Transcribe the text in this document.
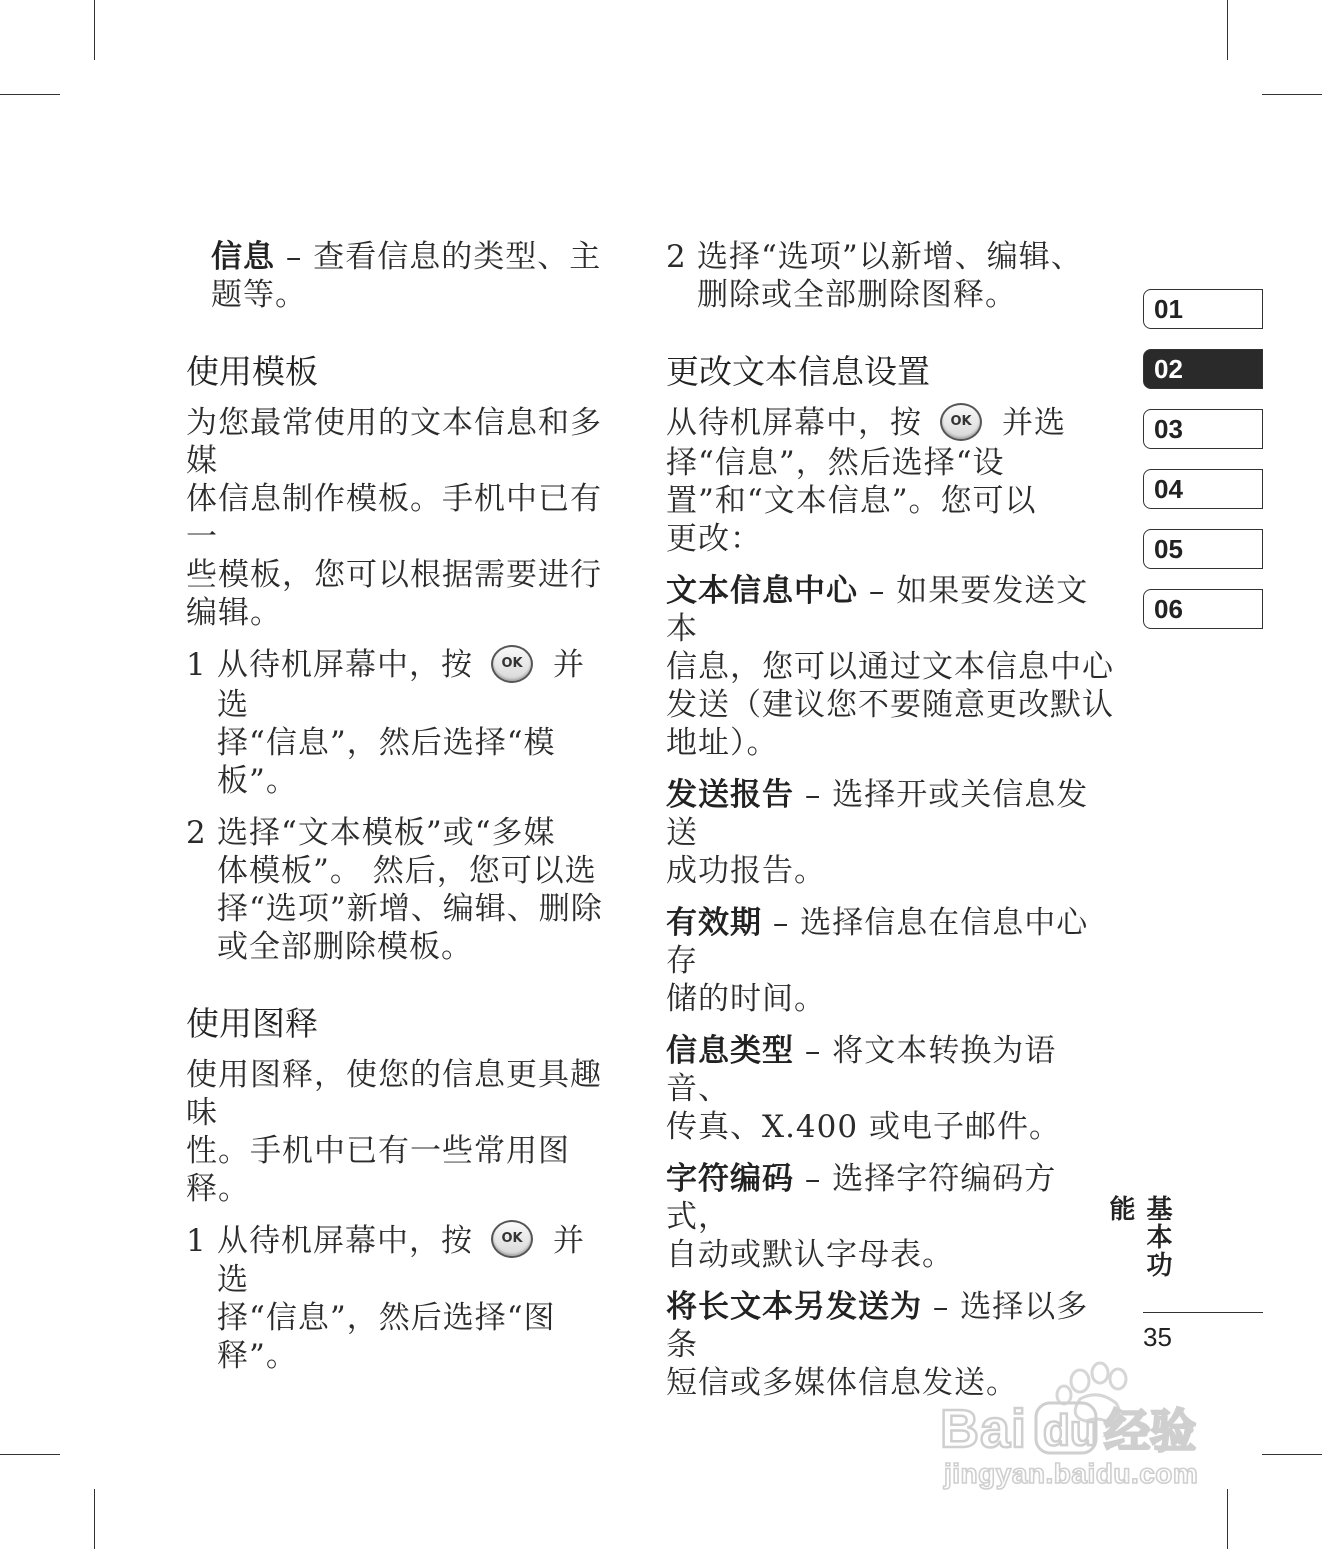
信息 – 查看信息的类型、主
题等。

使用模板

为您最常使用的文本信息和多媒
体信息制作模板。手机中已有一
些模板，您可以根据需要进行
编辑。

1 从待机屏幕中，按 OK 并选
择“信息”，然后选择“模
板”。
2 选择“文本模板”或“多媒
体模板”。 然后，您可以选
择“选项”新增、编辑、删除
或全部删除模板。
使用图释

使用图释，使您的信息更具趣味
性。手机中已有一些常用图释。

1 从待机屏幕中，按 OK 并选
择“信息”，然后选择“图
释”。
2 选择“选项”以新增、编辑、
删除或全部删除图释。
更改文本信息设置
从待机屏幕中，按 OK 并选
择“信息”，然后选择“设
置”和“文本信息”。您可以
更改：

文本信息中心 – 如果要发送文本
信息，您可以通过文本信息中心
发送（建议您不要随意更改默认
地址）。

发送报告 – 选择开或关信息发送
成功报告。

有效期 – 选择信息在信息中心存
储的时间。

信息类型 – 将文本转换为语音、
传真、X.400 或电子邮件。

字符编码 – 选择字符编码方式，
自动或默认字母表。

将长文本另发送为 – 选择以多条
短信或多媒体信息发送。

01
02
03
04
05
06
基本功能
35
Bai du 经验
jingyan.baidu.com
